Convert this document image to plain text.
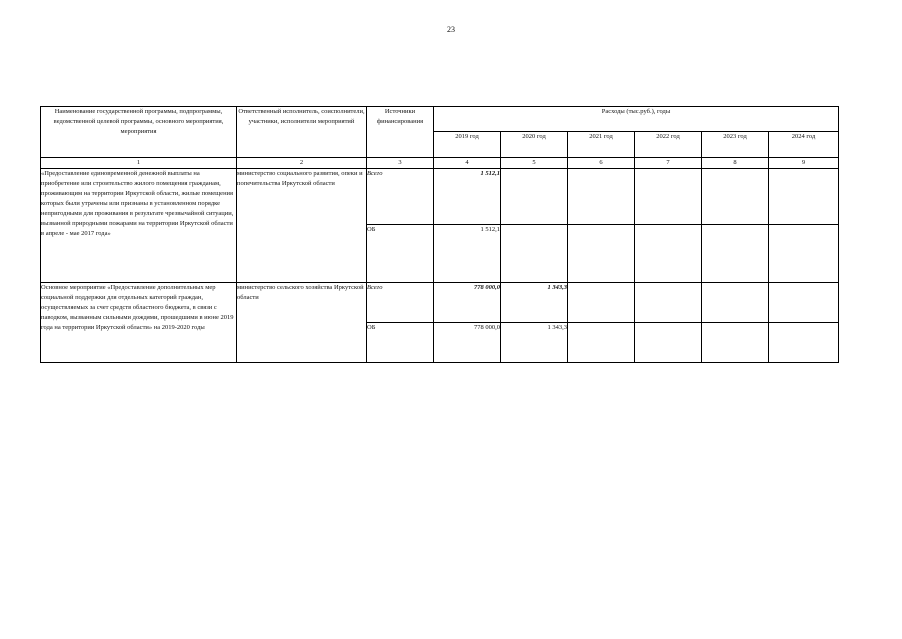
23
Наименование государственной программы, подпрограммы, ведомственной целевой программы, основного мероприятия, мероприятия	Ответственный исполнитель, соисполнители, участники, исполнители мероприятий	Источники финансирования	Расходы (тыс.руб.), годы					
			2019 год	2020 год	2021 год	2022 год	2023 год	2024 год
1	2	3	4	5	6	7	8	9
«Предоставление единовременной денежной выплаты на приобретение или строительство жилого помещения гражданам, проживающим на территории Иркутской области, жилые помещения которых были утрачены или признаны в установленном порядке непригодными для проживания в результате чрезвычайной ситуации, вызванной природными пожарами на территории Иркутской области в апреле - мае 2017 года»	министерство социального развития, опеки и попечительства Иркутской области	Всего	1 512,1					
		ОБ	1 512,1					
Основное мероприятие «Предоставление дополнительных мер социальной поддержки для отдельных категорий граждан, осуществляемых за счет средств областного бюджета, в связи с паводком, вызванным сильными дождями, прошедшими в июне 2019 года на территории Иркутской области» на 2019-2020 годы	министерство сельского хозяйства Иркутской области	Всего	778 000,0	1 343,3				
		ОБ	778 000,0	1 343,3				
